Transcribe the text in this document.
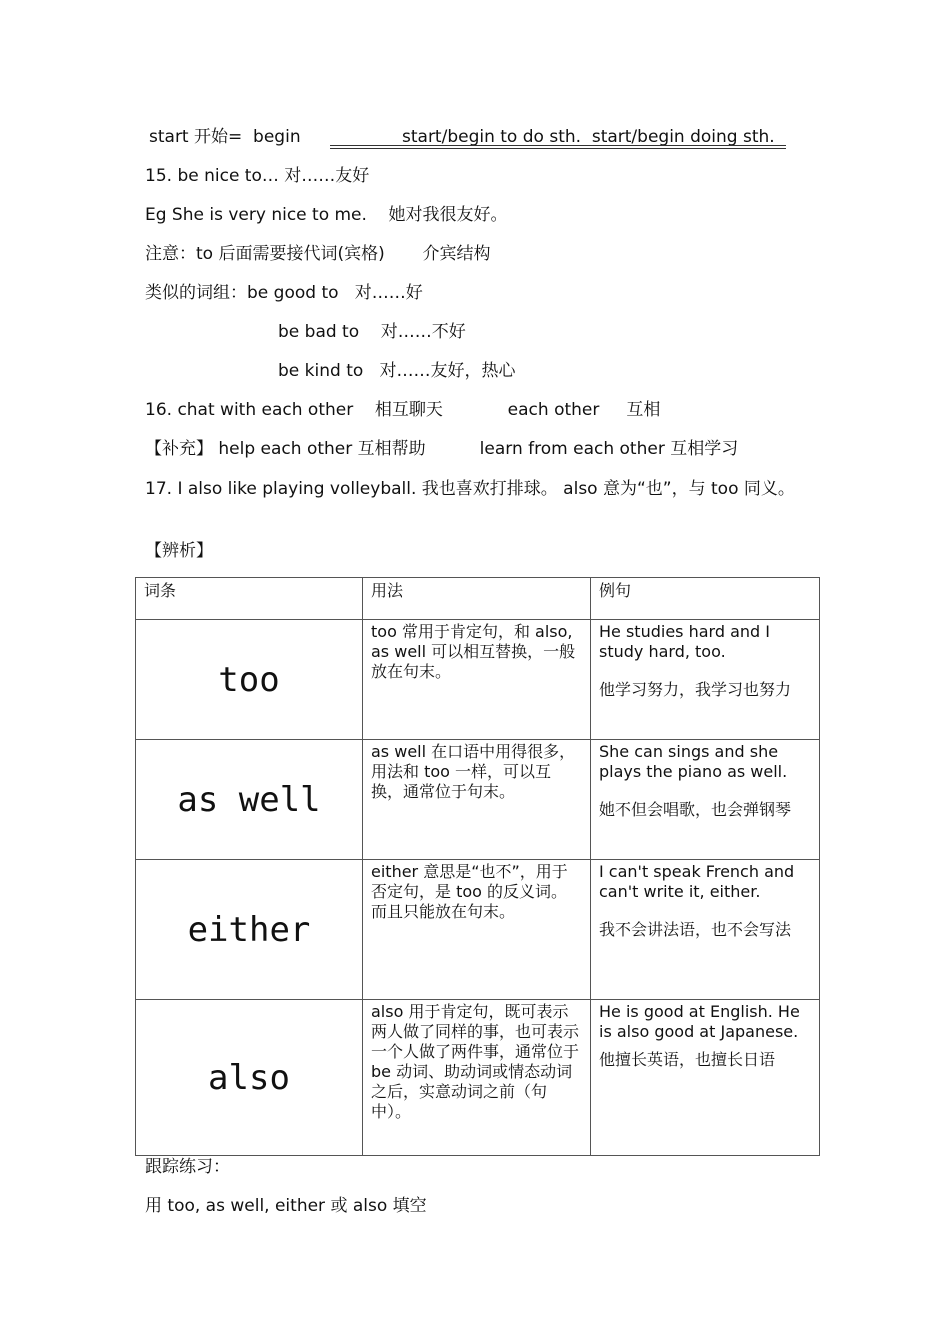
start 开始=  begin	start/begin to do sth.  start/begin doing sth.
15. be nice to… 对……友好
Eg She is very nice to me.    她对我很友好。
注意：to 后面需要接代词(宾格)       介宾结构
类似的词组：be good to   对……好
be bad to    对……不好
be kind to   对……友好，热心
16. chat with each other    相互聊天            each other     互相
【补充】 help each other 互相帮助          learn from each other 互相学习
17. I also like playing volleyball. 我也喜欢打排球。 also 意为“也”，与 too 同义。
【辨析】
词条	用法	例句
too	too 常用于肯定句，和 also, as well 可以相互替换，一般放在句末。	He studies hard and I study hard, too.
他学习努力，我学习也努力

as well	as well 在口语中用得很多，用法和 too 一样，可以互换，通常位于句末。	She can sings and she plays the piano as well.
她不但会唱歌，也会弹钢琴

either	either 意思是“也不”，用于否定句，是 too 的反义词。而且只能放在句末。	I can't speak French and can't write it, either.
我不会讲法语，也不会写法

also	also 用于肯定句，既可表示两人做了同样的事，也可表示一个人做了两件事，通常位于 be 动词、助动词或情态动词之后，实意动词之前（句中）。	He is good at English. He is also good at Japanese.
他擅长英语，也擅长日语
跟踪练习：
用 too, as well, either 或 also 填空
